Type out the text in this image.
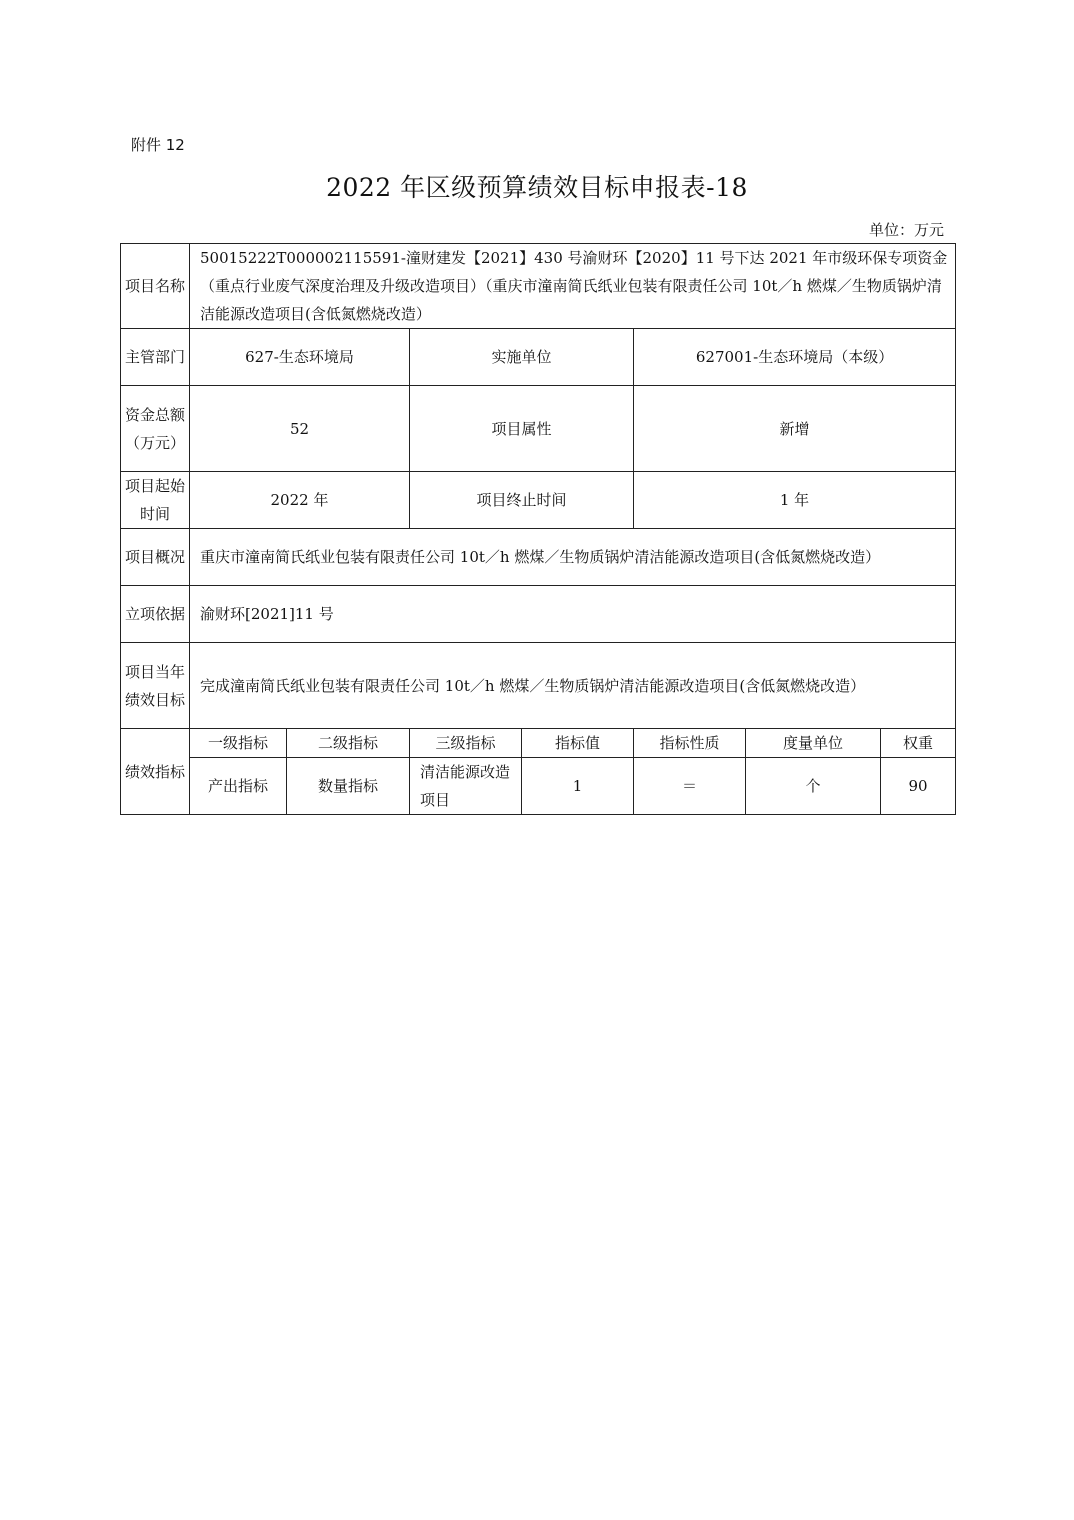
附件 12
2022 年区级预算绩效目标申报表-18
单位：万元
项目名称	50015222T000002115591-潼财建发【2021】430 号渝财环【2020】11 号下达 2021 年市级环保专项资金（重点行业废气深度治理及升级改造项目）（重庆市潼南简氏纸业包装有限责任公司 10t／h 燃煤／生物质锅炉清洁能源改造项目(含低氮燃烧改造）						
主管部门	627-生态环境局		实施单位		627001-生态环境局（本级）		
资金总额（万元）	52		项目属性		新增		
项目起始时间	2022 年		项目终止时间		1 年		
项目概况	重庆市潼南简氏纸业包装有限责任公司 10t／h 燃煤／生物质锅炉清洁能源改造项目(含低氮燃烧改造）						
立项依据	渝财环[2021]11 号						
项目当年绩效目标	完成潼南简氏纸业包装有限责任公司 10t／h 燃煤／生物质锅炉清洁能源改造项目(含低氮燃烧改造）						
绩效指标	一级指标	二级指标	三级指标	指标值	指标性质	度量单位	权重
	产出指标	数量指标	清洁能源改造项目	1	＝	个	90
